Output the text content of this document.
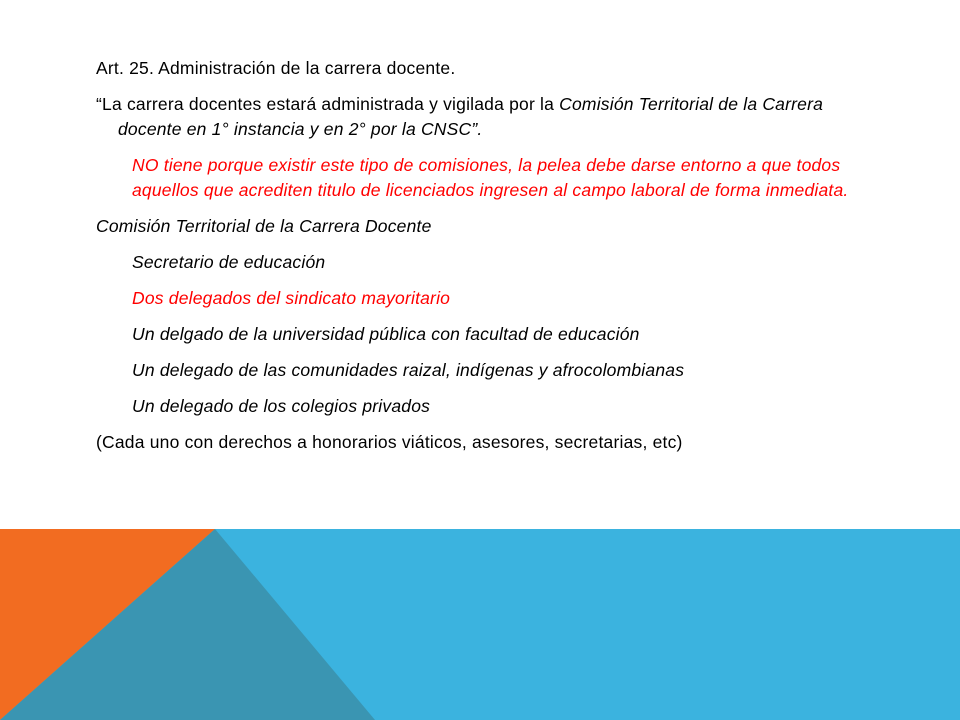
Art. 25. Administración de la carrera docente.

“La carrera docentes estará administrada y vigilada por la Comisión Territorial de la Carrera docente en 1° instancia y en 2° por la CNSC”.

NO tiene porque existir este tipo de comisiones, la pelea debe darse entorno a que todos aquellos que acrediten titulo de licenciados ingresen al campo laboral de forma inmediata.

Comisión Territorial de la Carrera Docente

Secretario de educación

Dos delegados del sindicato mayoritario

Un delgado de la universidad pública con facultad de educación

Un delegado de las comunidades raizal, indígenas y afrocolombianas

Un delegado de los colegios privados

(Cada uno con derechos a honorarios viáticos, asesores, secretarias, etc)
